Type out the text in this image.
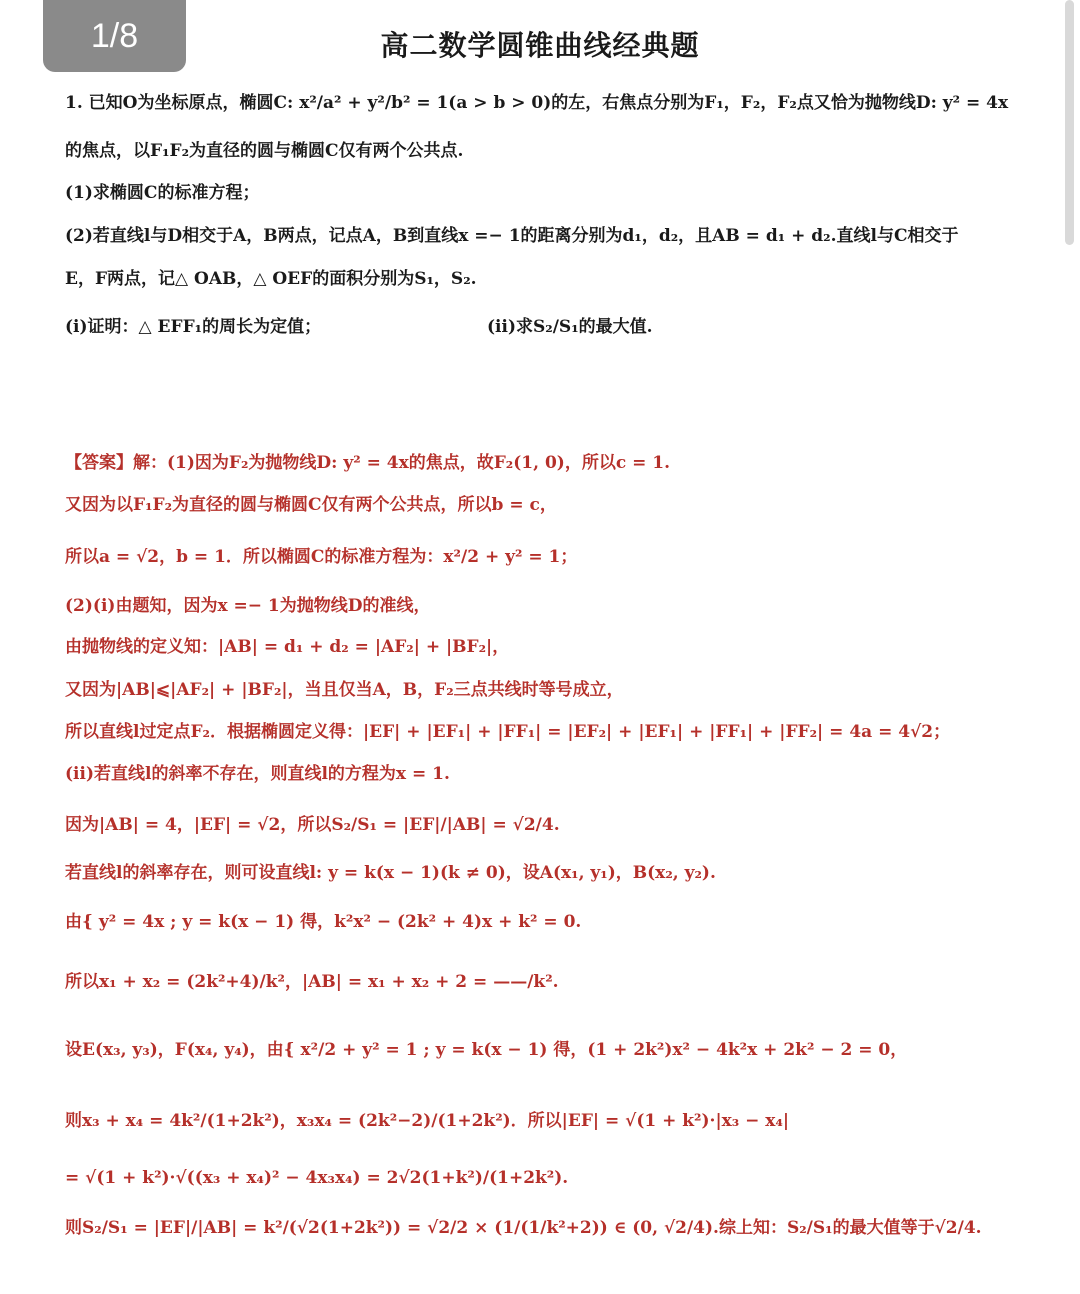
1/8	高二数学圆锥曲线经典题
1. 已知O为坐标原点，椭圆C: x²/a² + y²/b² = 1(a > b > 0)的左，右焦点分别为F₁，F₂，F₂点又恰为抛物线D: y² = 4x
的焦点，以F₁F₂为直径的圆与椭圆C仅有两个公共点.
(1)求椭圆C的标准方程；
(2)若直线l与D相交于A，B两点，记点A，B到直线x =− 1的距离分别为d₁，d₂，且AB = d₁ + d₂.直线l与C相交于
E，F两点，记△ OAB，△ OEF的面积分别为S₁，S₂.
(ⅰ)证明：△ EFF₁的周长为定值；	(ⅱ)求S₂/S₁的最大值.
【答案】解：(1)因为F₂为抛物线D: y² = 4x的焦点，故F₂(1, 0)，所以c = 1.
又因为以F₁F₂为直径的圆与椭圆C仅有两个公共点，所以b = c，
所以a = √2，b = 1．所以椭圆C的标准方程为：x²/2 + y² = 1；
(2)(ⅰ)由题知，因为x =− 1为抛物线D的准线，
由抛物线的定义知：|AB| = d₁ + d₂ = |AF₂| + |BF₂|，
又因为|AB|⩽|AF₂| + |BF₂|，当且仅当A，B，F₂三点共线时等号成立，
所以直线l过定点F₂．根据椭圆定义得：|EF| + |EF₁| + |FF₁| = |EF₂| + |EF₁| + |FF₁| + |FF₂| = 4a = 4√2；
(ⅱ)若直线l的斜率不存在，则直线l的方程为x = 1.
因为|AB| = 4，|EF| = √2，所以S₂/S₁ = |EF|/|AB| = √2/4.
若直线l的斜率存在，则可设直线l: y = k(x − 1)(k ≠ 0)，设A(x₁, y₁)，B(x₂, y₂).
由{ y² = 4x ; y = k(x − 1) 得，k²x² − (2k² + 4)x + k² = 0.
所以x₁ + x₂ = (2k²+4)/k²，|AB| = x₁ + x₂ + 2 = ——/k².
设E(x₃, y₃)，F(x₄, y₄)，由{ x²/2 + y² = 1 ; y = k(x − 1) 得，(1 + 2k²)x² − 4k²x + 2k² − 2 = 0，
则x₃ + x₄ = 4k²/(1+2k²)，x₃x₄ = (2k²−2)/(1+2k²)．所以|EF| = √(1 + k²)·|x₃ − x₄|
= √(1 + k²)·√((x₃ + x₄)² − 4x₃x₄) = 2√2(1+k²)/(1+2k²).
则S₂/S₁ = |EF|/|AB| = k²/(√2(1+2k²)) = √2/2 × (1/(1/k²+2)) ∈ (0, √2/4).综上知：S₂/S₁的最大值等于√2/4.
